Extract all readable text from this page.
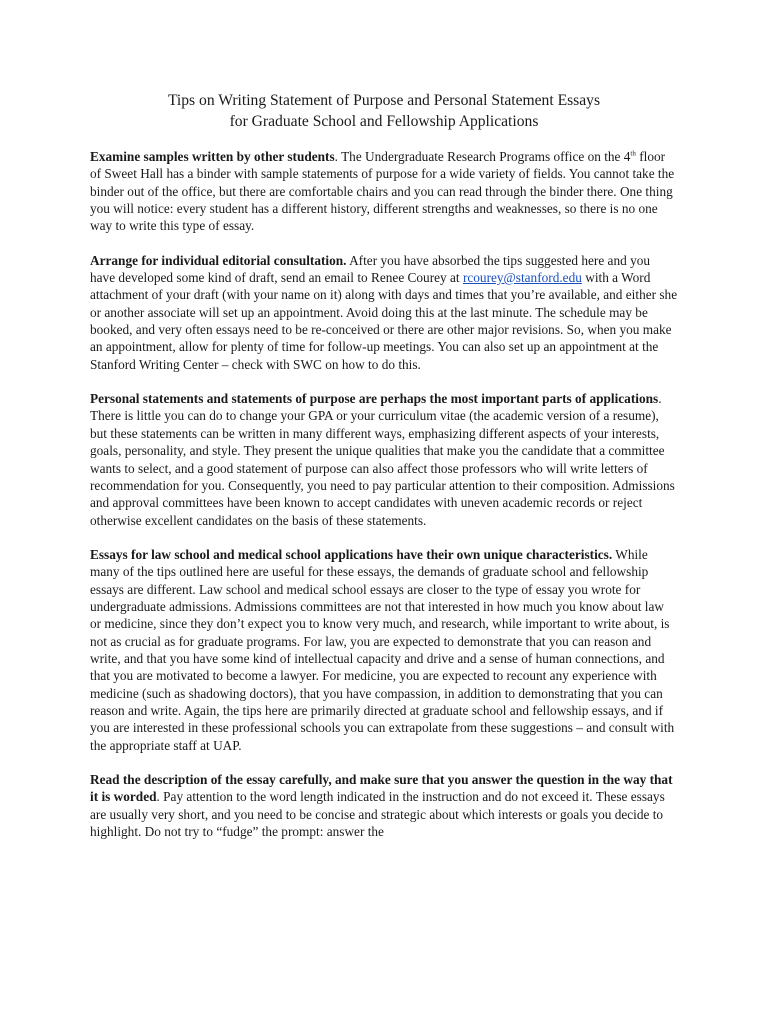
Tips on Writing Statement of Purpose and Personal Statement Essays
for Graduate School and Fellowship Applications

Examine samples written by other students. The Undergraduate Research Programs office on the 4th floor of Sweet Hall has a binder with sample statements of purpose for a wide variety of fields. You cannot take the binder out of the office, but there are comfortable chairs and you can read through the binder there. One thing you will notice: every student has a different history, different strengths and weaknesses, so there is no one way to write this type of essay.

Arrange for individual editorial consultation. After you have absorbed the tips suggested here and you have developed some kind of draft, send an email to Renee Courey at rcourey@stanford.edu with a Word attachment of your draft (with your name on it) along with days and times that you’re available, and either she or another associate will set up an appointment. Avoid doing this at the last minute. The schedule may be booked, and very often essays need to be re-conceived or there are other major revisions. So, when you make an appointment, allow for plenty of time for follow-up meetings. You can also set up an appointment at the Stanford Writing Center – check with SWC on how to do this.

Personal statements and statements of purpose are perhaps the most important parts of applications. There is little you can do to change your GPA or your curriculum vitae (the academic version of a resume), but these statements can be written in many different ways, emphasizing different aspects of your interests, goals, personality, and style. They present the unique qualities that make you the candidate that a committee wants to select, and a good statement of purpose can also affect those professors who will write letters of recommendation for you. Consequently, you need to pay particular attention to their composition. Admissions and approval committees have been known to accept candidates with uneven academic records or reject otherwise excellent candidates on the basis of these statements.

Essays for law school and medical school applications have their own unique characteristics. While many of the tips outlined here are useful for these essays, the demands of graduate school and fellowship essays are different. Law school and medical school essays are closer to the type of essay you wrote for undergraduate admissions. Admissions committees are not that interested in how much you know about law or medicine, since they don’t expect you to know very much, and research, while important to write about, is not as crucial as for graduate programs. For law, you are expected to demonstrate that you can reason and write, and that you have some kind of intellectual capacity and drive and a sense of human connections, and that you are motivated to become a lawyer. For medicine, you are expected to recount any experience with medicine (such as shadowing doctors), that you have compassion, in addition to demonstrating that you can reason and write. Again, the tips here are primarily directed at graduate school and fellowship essays, and if you are interested in these professional schools you can extrapolate from these suggestions – and consult with the appropriate staff at UAP.

Read the description of the essay carefully, and make sure that you answer the question in the way that it is worded. Pay attention to the word length indicated in the instruction and do not exceed it. These essays are usually very short, and you need to be concise and strategic about which interests or goals you decide to highlight. Do not try to “fudge” the prompt: answer the
